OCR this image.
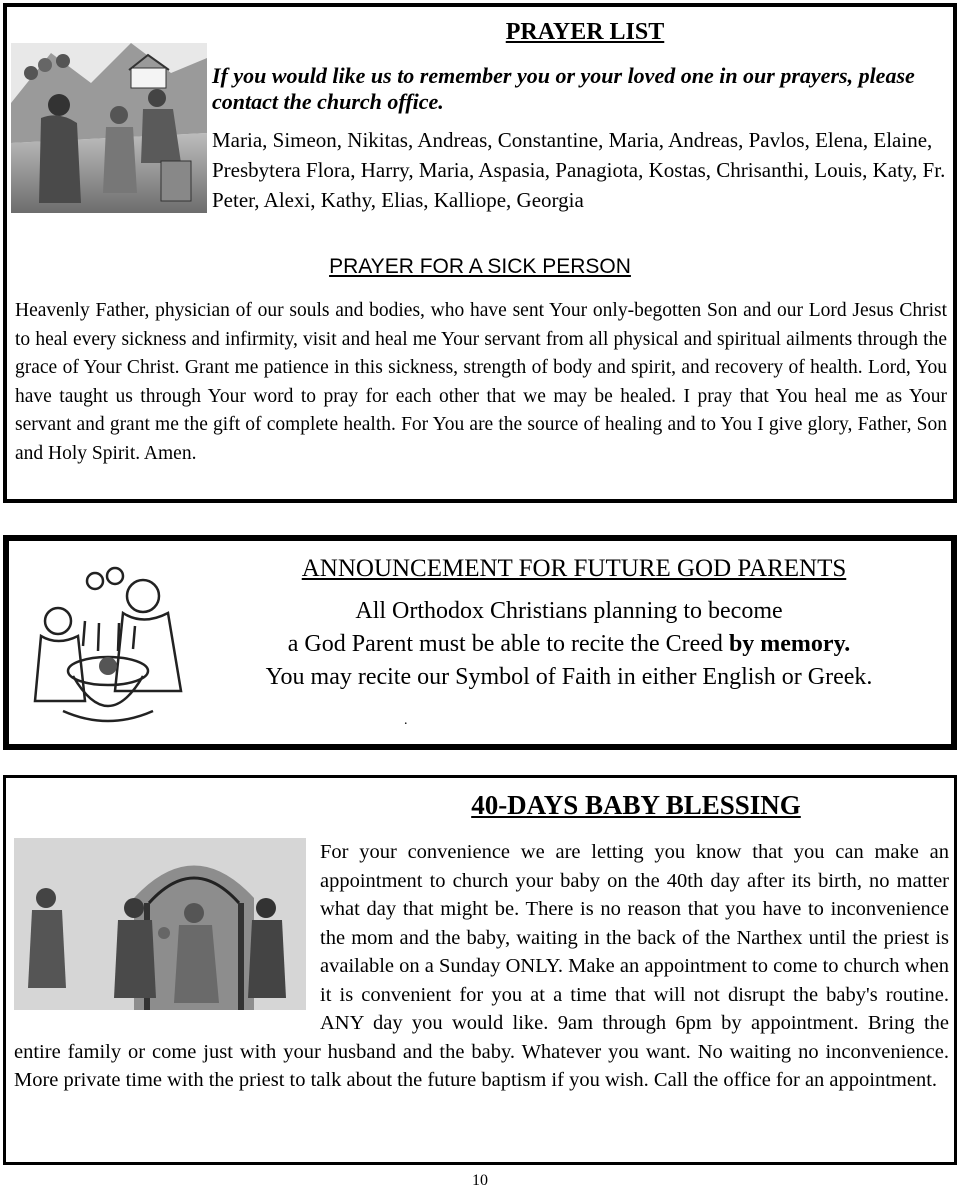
PRAYER LIST
If you would like us to remember you or your loved one in our prayers, please contact the church office.
Maria, Simeon, Nikitas, Andreas, Constantine, Maria, Andreas, Pavlos, Elena, Elaine, Presbytera Flora, Harry, Maria, Aspasia, Panagiota, Kostas, Chrisanthi, Louis, Katy, Fr. Peter, Alexi, Kathy, Elias, Kalliope, Georgia
PRAYER FOR A SICK PERSON
Heavenly Father, physician of our souls and bodies, who have sent Your only-begotten Son and our Lord Jesus Christ to heal every sickness and infirmity, visit and heal me Your servant from all physical and spiritual ailments through the grace of Your Christ. Grant me patience in this sickness, strength of body and spirit, and recovery of health. Lord, You have taught us through Your word to pray for each other that we may be healed. I pray that You heal me as Your servant and grant me the gift of complete health. For You are the source of healing and to You I give glory, Father, Son and Holy Spirit. Amen.
ANNOUNCEMENT FOR FUTURE GOD PARENTS
All Orthodox Christians planning to become
a God Parent must be able to recite the Creed by memory.
You may recite our Symbol of Faith in either English or Greek.
.
40-DAYS BABY BLESSING
For your convenience we are letting you know that you can make an appointment to church your baby on the 40th day after its birth, no matter what day that might be. There is no reason that you have to inconvenience the mom and the baby, waiting in the back of the Narthex until the priest is available on a Sunday ONLY. Make an appointment to come to church when it is convenient for you at a time that will not disrupt the baby's routine. ANY day you would like. 9am through 6pm by appointment. Bring the entire family or come just with your husband and the baby. Whatever you want. No waiting no inconvenience. More private time with the priest to talk about the future baptism if you wish. Call the office for an appointment.
10
